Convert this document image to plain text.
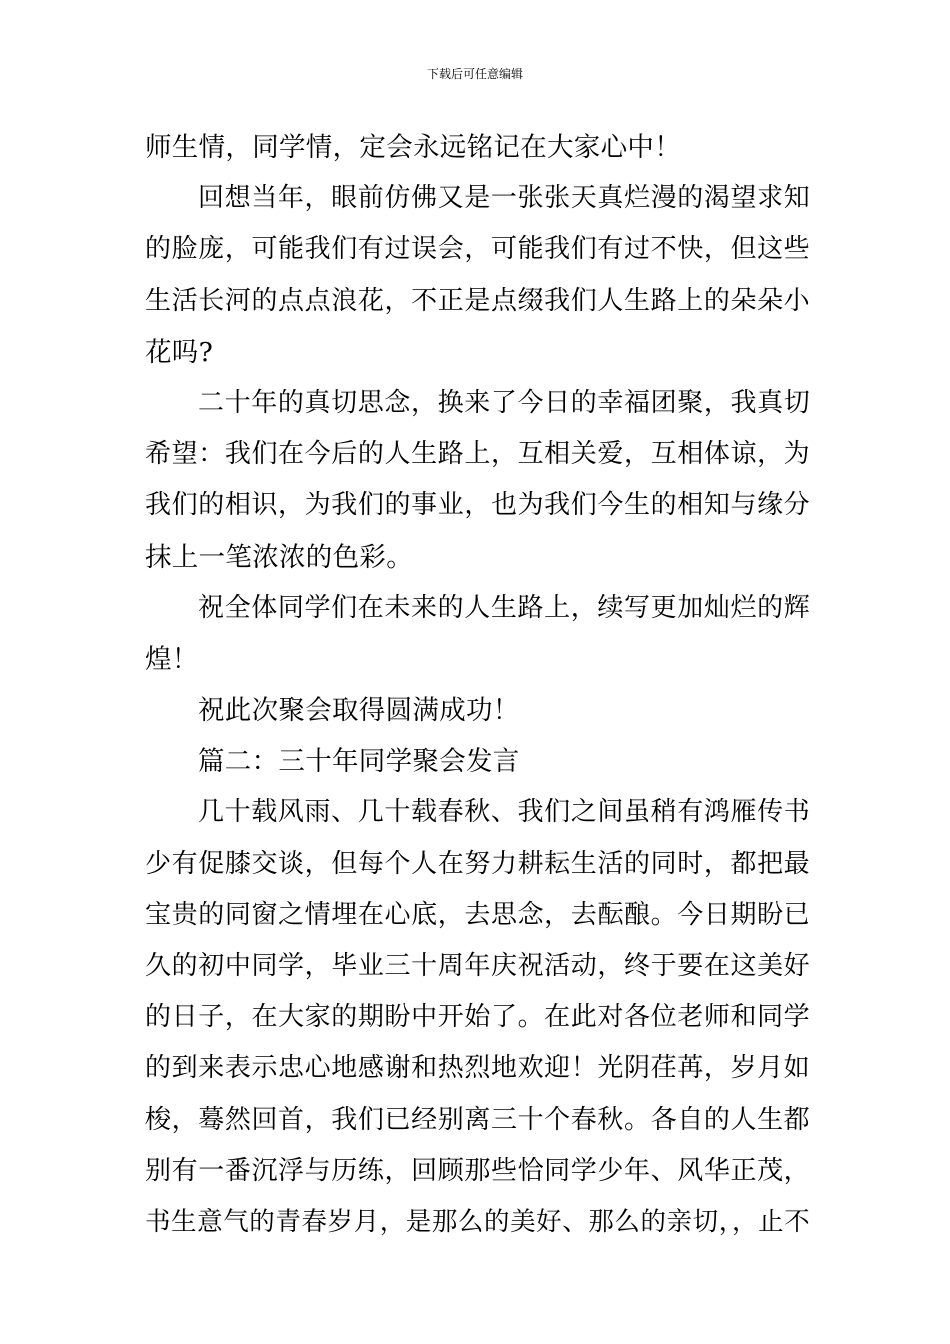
下载后可任意编辑
师生情，同学情，定会永远铭记在大家心中！
回想当年，眼前仿佛又是一张张天真烂漫的渴望求知
的脸庞，可能我们有过误会，可能我们有过不快，但这些
生活长河的点点浪花，不正是点缀我们人生路上的朵朵小
花吗?
二十年的真切思念，换来了今日的幸福团聚，我真切
希望：我们在今后的人生路上，互相关爱，互相体谅，为
我们的相识，为我们的事业，也为我们今生的相知与缘分
抹上一笔浓浓的色彩。
祝全体同学们在未来的人生路上，续写更加灿烂的辉
煌！
祝此次聚会取得圆满成功！
篇二：三十年同学聚会发言
几十载风雨、几十载春秋、我们之间虽稍有鸿雁传书
少有促膝交谈，但每个人在努力耕耘生活的同时，都把最
宝贵的同窗之情埋在心底，去思念，去酝酿。今日期盼已
久的初中同学，毕业三十周年庆祝活动，终于要在这美好
的日子，在大家的期盼中开始了。在此对各位老师和同学
的到来表示忠心地感谢和热烈地欢迎！光阴荏苒，岁月如
梭，蓦然回首，我们已经别离三十个春秋。各自的人生都
别有一番沉浮与历练，回顾那些恰同学少年、风华正茂，
书生意气的青春岁月，是那么的美好、那么的亲切，，止不
